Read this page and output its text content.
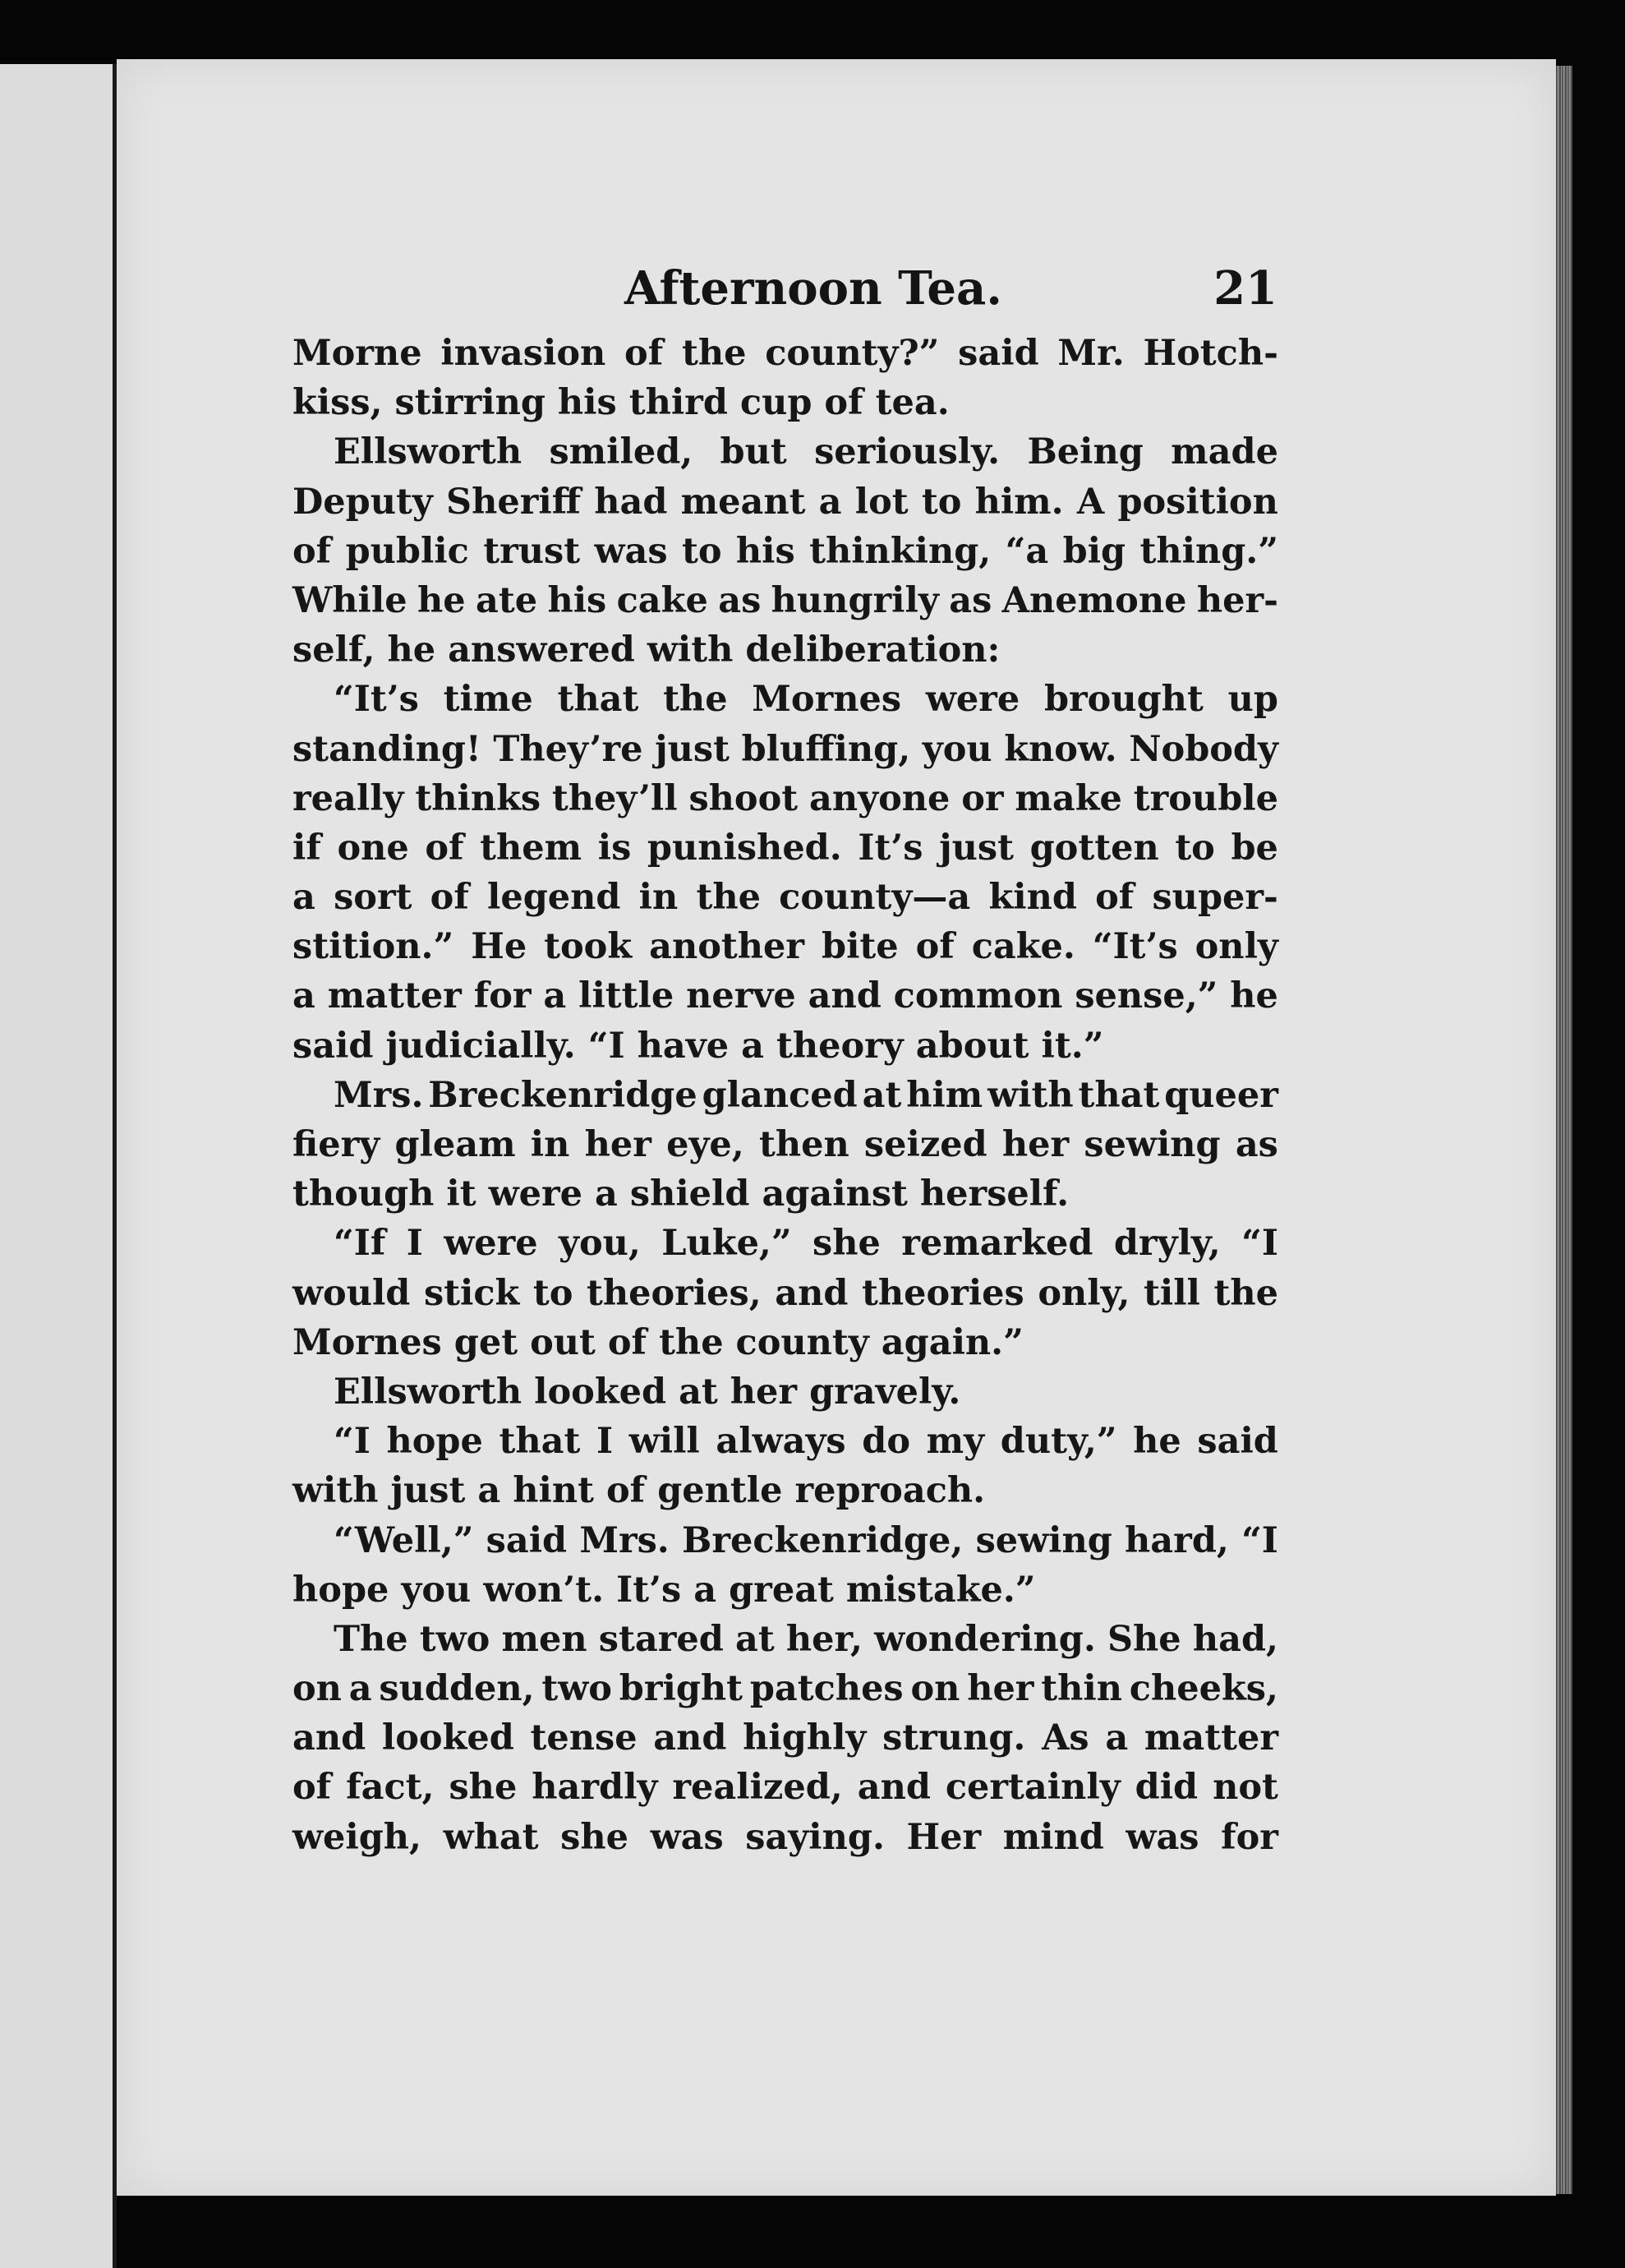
Afternoon Tea.	21
Morne invasion of the county?” said Mr. Hotch-
kiss, stirring his third cup of tea.
Ellsworth smiled, but seriously. Being made
Deputy Sheriff had meant a lot to him. A position
of public trust was to his thinking, “a big thing.”
While he ate his cake as hungrily as Anemone her-
self, he answered with deliberation:
“It’s time that the Mornes were brought up
standing! They’re just bluffing, you know. Nobody
really thinks they’ll shoot anyone or make trouble
if one of them is punished. It’s just gotten to be
a sort of legend in the county—a kind of super-
stition.” He took another bite of cake. “It’s only
a matter for a little nerve and common sense,” he
said judicially. “I have a theory about it.”
Mrs. Breckenridge glanced at him with that queer
fiery gleam in her eye, then seized her sewing as
though it were a shield against herself.
“If I were you, Luke,” she remarked dryly, “I
would stick to theories, and theories only, till the
Mornes get out of the county again.”
Ellsworth looked at her gravely.
“I hope that I will always do my duty,” he said
with just a hint of gentle reproach.
“Well,” said Mrs. Breckenridge, sewing hard, “I
hope you won’t. It’s a great mistake.”
The two men stared at her, wondering. She had,
on a sudden, two bright patches on her thin cheeks,
and looked tense and highly strung. As a matter
of fact, she hardly realized, and certainly did not
weigh, what she was saying. Her mind was for
